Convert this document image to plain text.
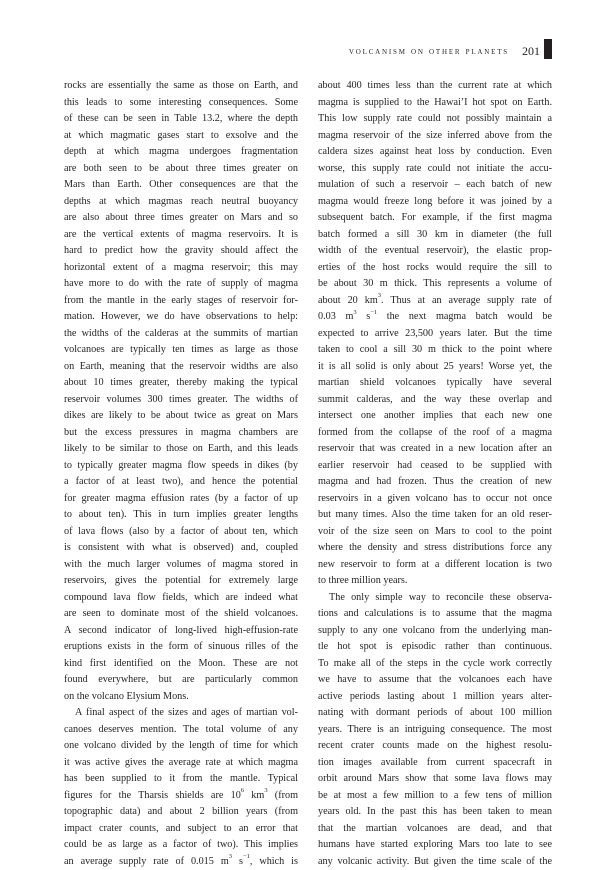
volcanism on other planets 201
rocks are essentially the same as those on Earth, and
this leads to some interesting consequences. Some
of these can be seen in Table 13.2, where the depth
at which magmatic gases start to exsolve and the
depth at which magma undergoes fragmentation
are both seen to be about three times greater on
Mars than Earth. Other consequences are that the
depths at which magmas reach neutral buoyancy
are also about three times greater on Mars and so
are the vertical extents of magma reservoirs. It is
hard to predict how the gravity should affect the
horizontal extent of a magma reservoir; this may
have more to do with the rate of supply of magma
from the mantle in the early stages of reservoir for-
mation. However, we do have observations to help:
the widths of the calderas at the summits of martian
volcanoes are typically ten times as large as those
on Earth, meaning that the reservoir widths are also
about 10 times greater, thereby making the typical
reservoir volumes 300 times greater. The widths of
dikes are likely to be about twice as great on Mars
but the excess pressures in magma chambers are
likely to be similar to those on Earth, and this leads
to typically greater magma flow speeds in dikes (by
a factor of at least two), and hence the potential
for greater magma effusion rates (by a factor of up
to about ten). This in turn implies greater lengths
of lava flows (also by a factor of about ten, which
is consistent with what is observed) and, coupled
with the much larger volumes of magma stored in
reservoirs, gives the potential for extremely large
compound lava flow fields, which are indeed what
are seen to dominate most of the shield volcanoes.
A second indicator of long-lived high-effusion-rate
eruptions exists in the form of sinuous rilles of the
kind first identified on the Moon. These are not
found everywhere, but are particularly common
on the volcano Elysium Mons.
A final aspect of the sizes and ages of martian vol-
canoes deserves mention. The total volume of any
one volcano divided by the length of time for which
it was active gives the average rate at which magma
has been supplied to it from the mantle. Typical
figures for the Tharsis shields are $10^6$ $km^3$ (from
topographic data) and about 2 billion years (from
impact crater counts, and subject to an error that
could be as large as a factor of two). This implies
an average supply rate of 0.015 $m^3$ $s^{-1}$, which is
about 400 times less than the current rate at which
magma is supplied to the Hawai’I hot spot on Earth.
This low supply rate could not possibly maintain a
magma reservoir of the size inferred above from the
caldera sizes against heat loss by conduction. Even
worse, this supply rate could not initiate the accu-
mulation of such a reservoir – each batch of new
magma would freeze long before it was joined by a
subsequent batch. For example, if the first magma
batch formed a sill 30 km in diameter (the full
width of the eventual reservoir), the elastic prop-
erties of the host rocks would require the sill to
be about 30 m thick. This represents a volume of
about 20 $km^3$. Thus at an average supply rate of
0.03 $m^3$ $s^{-1}$ the next magma batch would be
expected to arrive 23,500 years later. But the time
taken to cool a sill 30 m thick to the point where
it is all solid is only about 25 years! Worse yet, the
martian shield volcanoes typically have several
summit calderas, and the way these overlap and
intersect one another implies that each new one
formed from the collapse of the roof of a magma
reservoir that was created in a new location after an
earlier reservoir had ceased to be supplied with
magma and had frozen. Thus the creation of new
reservoirs in a given volcano has to occur not once
but many times. Also the time taken for an old reser-
voir of the size seen on Mars to cool to the point
where the density and stress distributions force any
new reservoir to form at a different location is two
to three million years.
The only simple way to reconcile these observa-
tions and calculations is to assume that the magma
supply to any one volcano from the underlying man-
tle hot spot is episodic rather than continuous.
To make all of the steps in the cycle work correctly
we have to assume that the volcanoes each have
active periods lasting about 1 million years alter-
nating with dormant periods of about 100 million
years. There is an intriguing consequence. The most
recent crater counts made on the highest resolu-
tion images available from current spacecraft in
orbit around Mars show that some lava flows may
be at most a few million to a few tens of million
years old. In the past this has been taken to mean
that the martian volcanoes are dead, and that
humans have started exploring Mars too late to see
any volcanic activity. But given the time scale of the
